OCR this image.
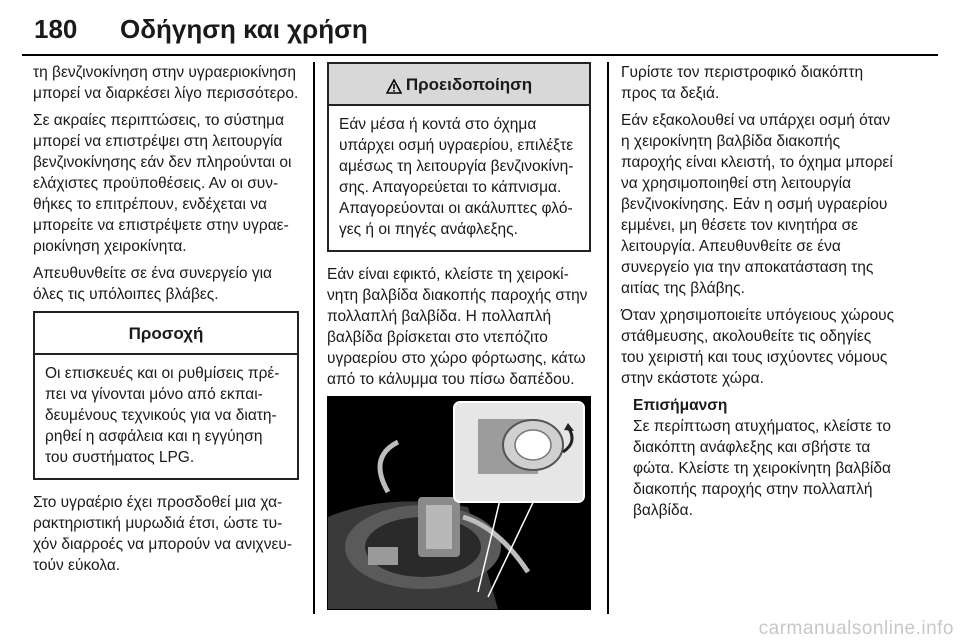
180 Οδήγηση και χρήση

τη βενζινοκίνηση στην υγραεριοκίνηση μπορεί να διαρκέσει λίγο περισσότερο.

Σε ακραίες περιπτώσεις, το σύστημα μπορεί να επιστρέψει στη λειτουργία βενζινοκίνησης εάν δεν πληρούνται οι ελάχιστες προϋποθέσεις. Αν οι συνθήκες το επιτρέπουν, ενδέχεται να μπορείτε να επιστρέψετε στην υγραεριοκίνηση χειροκίνητα.

Απευθυνθείτε σε ένα συνεργείο για όλες τις υπόλοιπες βλάβες.

Προσοχή
Οι επισκευές και οι ρυθμίσεις πρέπει να γίνονται μόνο από εκπαιδευμένους τεχνικούς για να διατηρηθεί η ασφάλεια και η εγγύηση του συστήματος LPG.

Στο υγραέριο έχει προσδοθεί μια χαρακτηριστική μυρωδιά έτσι, ώστε τυχόν διαρροές να μπορούν να ανιχνευτούν εύκολα.

Προειδοποίηση
Εάν μέσα ή κοντά στο όχημα υπάρχει οσμή υγραερίου, επιλέξτε αμέσως τη λειτουργία βενζινοκίνησης. Απαγορεύεται το κάπνισμα. Απαγορεύονται οι ακάλυπτες φλόγες ή οι πηγές ανάφλεξης.

Εάν είναι εφικτό, κλείστε τη χειροκίνητη βαλβίδα διακοπής παροχής στην πολλαπλή βαλβίδα. Η πολλαπλή βαλβίδα βρίσκεται στο ντεπόζιτο υγραερίου στο χώρο φόρτωσης, κάτω από το κάλυμμα του πίσω δαπέδου.

Γυρίστε τον περιστροφικό διακόπτη προς τα δεξιά.

Εάν εξακολουθεί να υπάρχει οσμή όταν η χειροκίνητη βαλβίδα διακοπής παροχής είναι κλειστή, το όχημα μπορεί να χρησιμοποιηθεί στη λειτουργία βενζινοκίνησης. Εάν η οσμή υγραερίου εμμένει, μη θέσετε τον κινητήρα σε λειτουργία. Απευθυνθείτε σε ένα συνεργείο για την αποκατάσταση της αιτίας της βλάβης.

Όταν χρησιμοποιείτε υπόγειους χώρους στάθμευσης, ακολουθείτε τις οδηγίες του χειριστή και τους ισχύοντες νόμους στην εκάστοτε χώρα.

Επισήμανση
Σε περίπτωση ατυχήματος, κλείστε το διακόπτη ανάφλεξης και σβήστε τα φώτα. Κλείστε τη χειροκίνητη βαλβίδα διακοπής παροχής στην πολλαπλή βαλβίδα.
carmanualsonline.info
